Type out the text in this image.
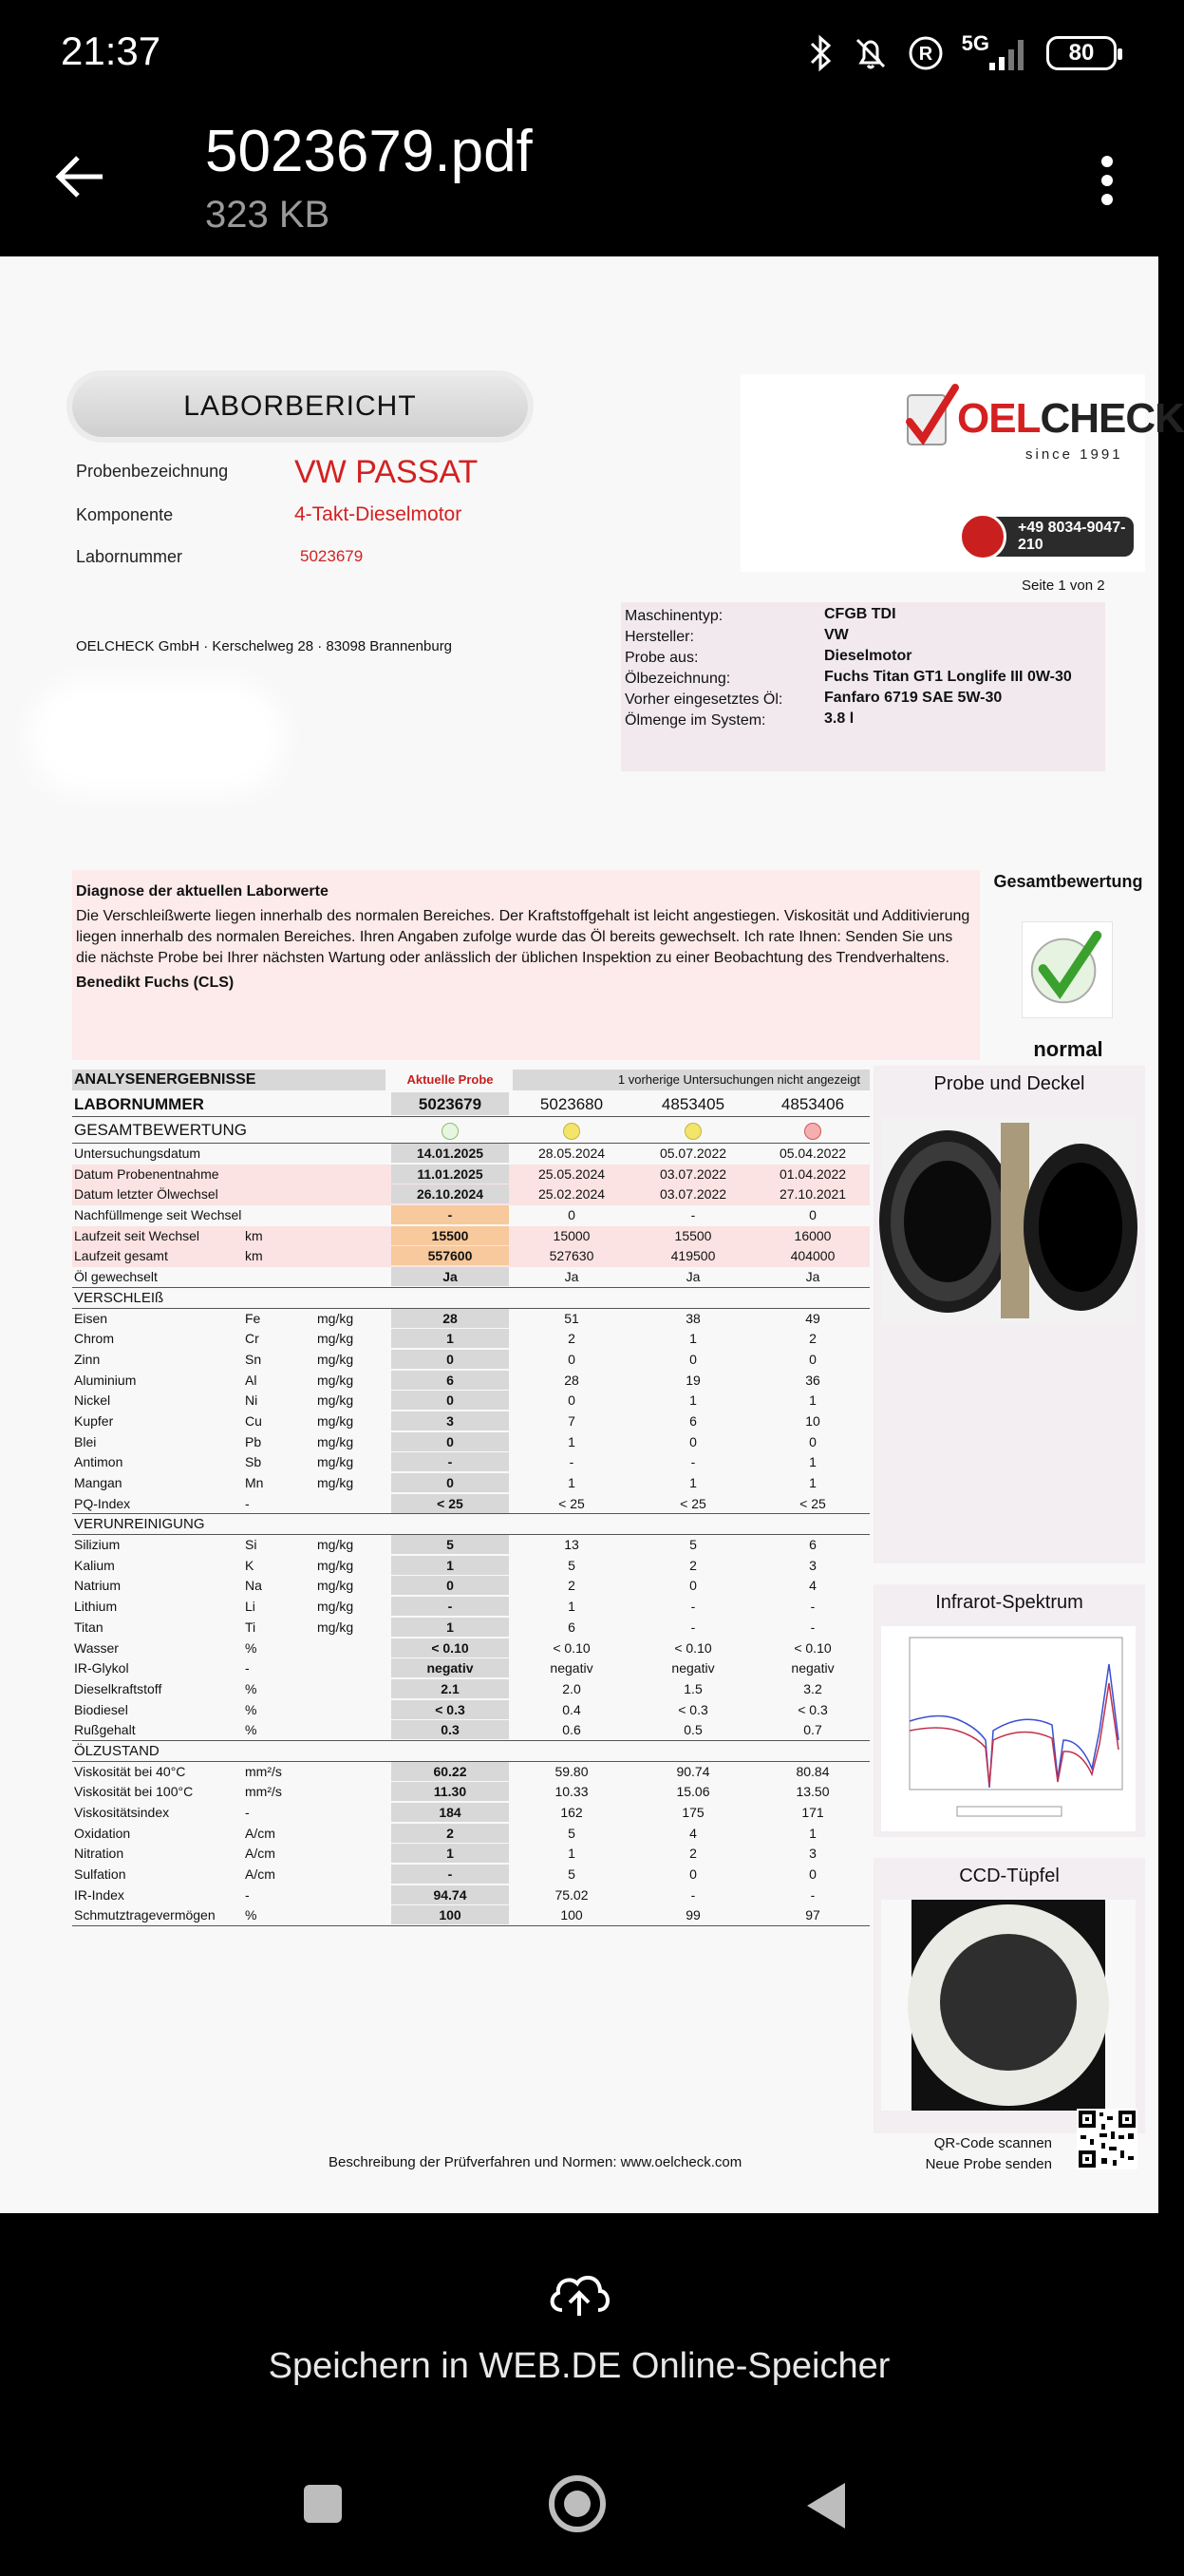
21:37	R 5G	80
5023679.pdf
323 KB
LABORBERICHT
Probenbezeichnung VW PASSAT
Komponente	4-Takt-Dieselmotor
Labornummer	5023679
OELCHECK
since 1991
+49 8034-9047-210
Seite 1 von 2
OELCHECK GmbH · Kerschelweg 28 · 83098 Brannenburg
Maschinentyp:	CFGB TDI
Hersteller:	VW
Probe aus:	Dieselmotor
Ölbezeichnung:	Fuchs Titan GT1 Longlife III 0W-30
Vorher eingesetztes Öl:	Fanfaro 6719 SAE 5W-30
Ölmenge im System:	3.8 l
Diagnose der aktuellen Laborwerte
Die Verschleißwerte liegen innerhalb des normalen Bereiches. Der Kraftstoffgehalt ist leicht angestiegen. Viskosität und Additivierung liegen innerhalb des normalen Bereiches. Ihren Angaben zufolge wurde das Öl bereits gewechselt. Ich rate Ihnen: Senden Sie uns die nächste Probe bei Ihrer nächsten Wartung oder anlässlich der üblichen Inspektion zu einer Beobachtung des Trendverhaltens.
Benedikt Fuchs (CLS)
Gesamtbewertung
normal
ANALYSENERGEBNISSE	Aktuelle Probe	1 vorherige Untersuchungen nicht angezeigt
LABORNUMMER	5023679	5023680	4853405	4853406
GESAMTBEWERTUNG
Untersuchungsdatum	14.01.2025	28.05.2024	05.07.2022	05.04.2022
Datum Probenentnahme	11.01.2025	25.05.2024	03.07.2022	01.04.2022
Datum letzter Ölwechsel	26.10.2024	25.02.2024	03.07.2022	27.10.2021
Nachfüllmenge seit Wechsel	-	0	-	0
Laufzeit seit Wechsel	km	15500	15000	15500	16000
Laufzeit gesamt	km	557600	527630	419500	404000
Öl gewechselt	Ja	Ja	Ja	Ja
VERSCHLEIß
Eisen	Fe	mg/kg	28	51	38	49
Chrom	Cr	mg/kg	1	2	1	2
Zinn	Sn	mg/kg	0	0	0	0
Aluminium	Al	mg/kg	6	28	19	36
Nickel	Ni	mg/kg	0	0	1	1
Kupfer	Cu	mg/kg	3	7	6	10
Blei	Pb	mg/kg	0	1	0	0
Antimon	Sb	mg/kg	-	-	-	1
Mangan	Mn	mg/kg	0	1	1	1
PQ-Index	-	< 25	< 25	< 25	< 25
VERUNREINIGUNG
Silizium	Si	mg/kg	5	13	5	6
Kalium	K	mg/kg	1	5	2	3
Natrium	Na	mg/kg	0	2	0	4
Lithium	Li	mg/kg	-	1	-	-
Titan	Ti	mg/kg	1	6	-	-
Wasser	%	< 0.10	< 0.10	< 0.10	< 0.10
IR-Glykol	-	negativ	negativ	negativ	negativ
Dieselkraftstoff	%	2.1	2.0	1.5	3.2
Biodiesel	%	< 0.3	0.4	< 0.3	< 0.3
Rußgehalt	%	0.3	0.6	0.5	0.7
ÖLZUSTAND
Viskosität bei 40°C	mm²/s	60.22	59.80	90.74	80.84
Viskosität bei 100°C	mm²/s	11.30	10.33	15.06	13.50
Viskositätsindex	-	184	162	175	171
Oxidation	A/cm	2	5	4	1
Nitration	A/cm	1	1	2	3
Sulfation	A/cm	-	5	0	0
IR-Index	-	94.74	75.02	-	-
Schmutztragevermögen %	100	100	99	97
Probe und Deckel
Infrarot-Spektrum
CCD-Tüpfel
Beschreibung der Prüfverfahren und Normen: www.oelcheck.com
QR-Code scannen
Neue Probe senden
Speichern in WEB.DE Online-Speicher
